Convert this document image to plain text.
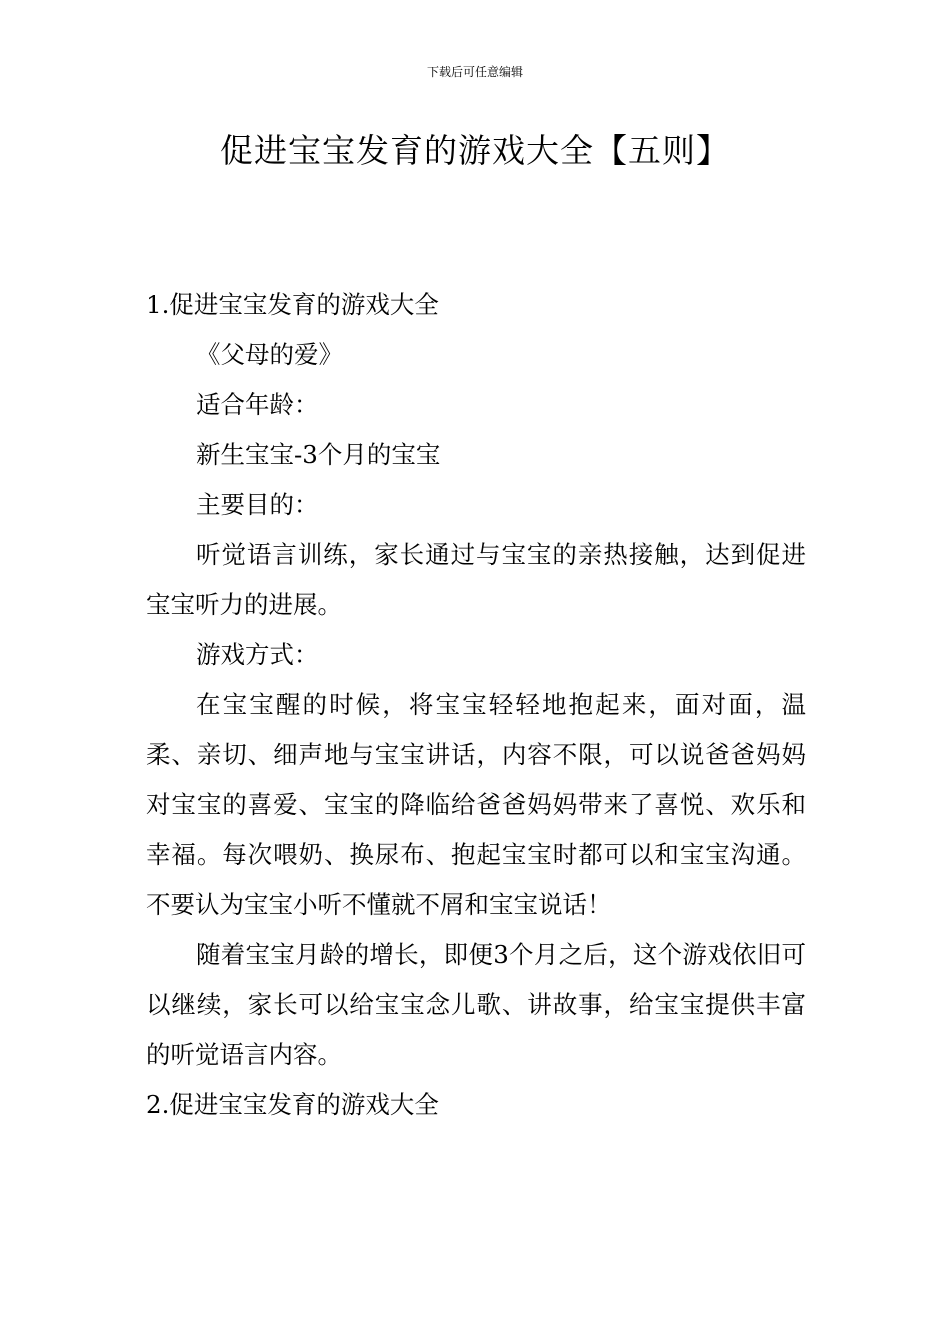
下载后可任意编辑
促进宝宝发育的游戏大全【五则】

1.促进宝宝发育的游戏大全

《父母的爱》

适合年龄：

新生宝宝-3个月的宝宝

主要目的：

听觉语言训练，家长通过与宝宝的亲热接触，达到促进宝宝听力的进展。

游戏方式：

在宝宝醒的时候，将宝宝轻轻地抱起来，面对面，温柔、亲切、细声地与宝宝讲话，内容不限，可以说爸爸妈妈对宝宝的喜爱、宝宝的降临给爸爸妈妈带来了喜悦、欢乐和幸福。每次喂奶、换尿布、抱起宝宝时都可以和宝宝沟通。不要认为宝宝小听不懂就不屑和宝宝说话！

随着宝宝月龄的增长，即便3个月之后，这个游戏依旧可以继续，家长可以给宝宝念儿歌、讲故事，给宝宝提供丰富的听觉语言内容。

2.促进宝宝发育的游戏大全
